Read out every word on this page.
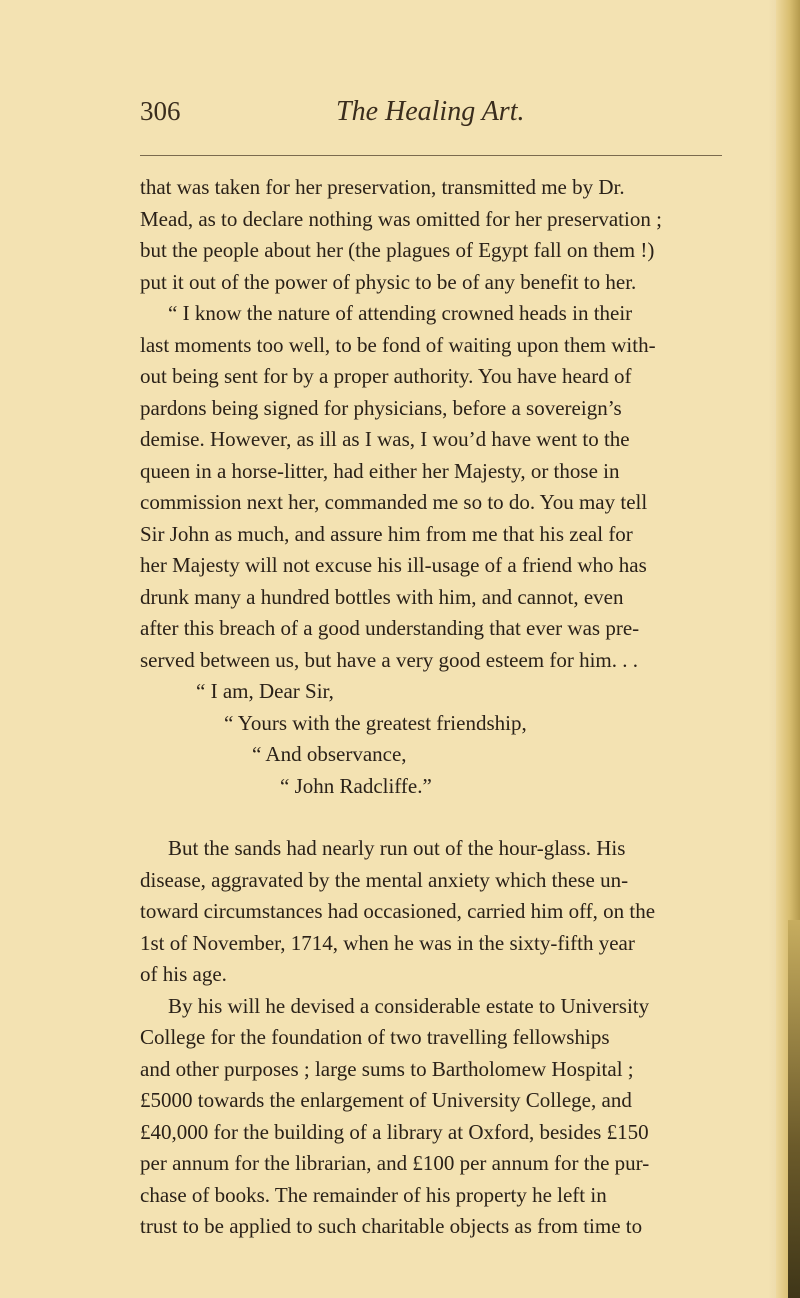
306	The Healing Art.
that was taken for her preservation, transmitted me by Dr.
Mead, as to declare nothing was omitted for her preservation ;
but the people about her (the plagues of Egypt fall on them !)
put it out of the power of physic to be of any benefit to her.
“ I know the nature of attending crowned heads in their
last moments too well, to be fond of waiting upon them with-
out being sent for by a proper authority. You have heard of
pardons being signed for physicians, before a sovereign’s
demise. However, as ill as I was, I wou’d have went to the
queen in a horse-litter, had either her Majesty, or those in
commission next her, commanded me so to do. You may tell
Sir John as much, and assure him from me that his zeal for
her Majesty will not excuse his ill-usage of a friend who has
drunk many a hundred bottles with him, and cannot, even
after this breach of a good understanding that ever was pre-
served between us, but have a very good esteem for him. . .
“ I am, Dear Sir,
“ Yours with the greatest friendship,
“ And observance,
“ John Radcliffe.”
But the sands had nearly run out of the hour-glass. His
disease, aggravated by the mental anxiety which these un-
toward circumstances had occasioned, carried him off, on the
1st of November, 1714, when he was in the sixty-fifth year
of his age.
By his will he devised a considerable estate to University
College for the foundation of two travelling fellowships
and other purposes ; large sums to Bartholomew Hospital ;
£5000 towards the enlargement of University College, and
£40,000 for the building of a library at Oxford, besides £150
per annum for the librarian, and £100 per annum for the pur-
chase of books. The remainder of his property he left in
trust to be applied to such charitable objects as from time to
